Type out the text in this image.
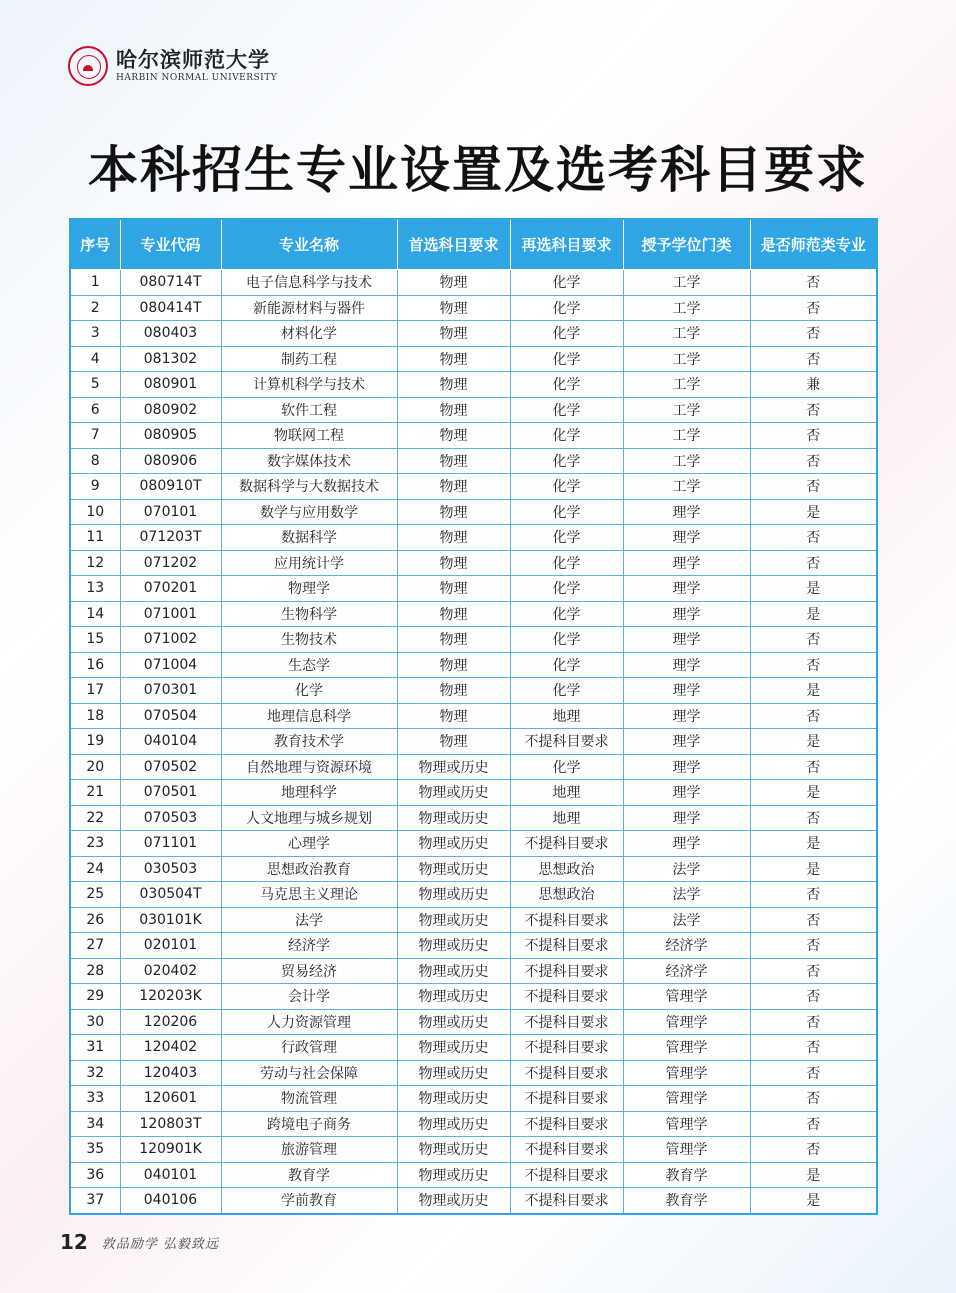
哈尔滨师范大学
HARBIN NORMAL UNIVERSITY
本科招生专业设置及选考科目要求
序号	专业代码	专业名称	首选科目要求	再选科目要求	授予学位门类	是否师范类专业
1	080714T	电子信息科学与技术	物理	化学	工学	否
2	080414T	新能源材料与器件	物理	化学	工学	否
3	080403	材料化学	物理	化学	工学	否
4	081302	制药工程	物理	化学	工学	否
5	080901	计算机科学与技术	物理	化学	工学	兼
6	080902	软件工程	物理	化学	工学	否
7	080905	物联网工程	物理	化学	工学	否
8	080906	数字媒体技术	物理	化学	工学	否
9	080910T	数据科学与大数据技术	物理	化学	工学	否
10	070101	数学与应用数学	物理	化学	理学	是
11	071203T	数据科学	物理	化学	理学	否
12	071202	应用统计学	物理	化学	理学	否
13	070201	物理学	物理	化学	理学	是
14	071001	生物科学	物理	化学	理学	是
15	071002	生物技术	物理	化学	理学	否
16	071004	生态学	物理	化学	理学	否
17	070301	化学	物理	化学	理学	是
18	070504	地理信息科学	物理	地理	理学	否
19	040104	教育技术学	物理	不提科目要求	理学	是
20	070502	自然地理与资源环境	物理或历史	化学	理学	否
21	070501	地理科学	物理或历史	地理	理学	是
22	070503	人文地理与城乡规划	物理或历史	地理	理学	否
23	071101	心理学	物理或历史	不提科目要求	理学	是
24	030503	思想政治教育	物理或历史	思想政治	法学	是
25	030504T	马克思主义理论	物理或历史	思想政治	法学	否
26	030101K	法学	物理或历史	不提科目要求	法学	否
27	020101	经济学	物理或历史	不提科目要求	经济学	否
28	020402	贸易经济	物理或历史	不提科目要求	经济学	否
29	120203K	会计学	物理或历史	不提科目要求	管理学	否
30	120206	人力资源管理	物理或历史	不提科目要求	管理学	否
31	120402	行政管理	物理或历史	不提科目要求	管理学	否
32	120403	劳动与社会保障	物理或历史	不提科目要求	管理学	否
33	120601	物流管理	物理或历史	不提科目要求	管理学	否
34	120803T	跨境电子商务	物理或历史	不提科目要求	管理学	否
35	120901K	旅游管理	物理或历史	不提科目要求	管理学	否
36	040101	教育学	物理或历史	不提科目要求	教育学	是
37	040106	学前教育	物理或历史	不提科目要求	教育学	是
12 敦品励学 弘毅致远
